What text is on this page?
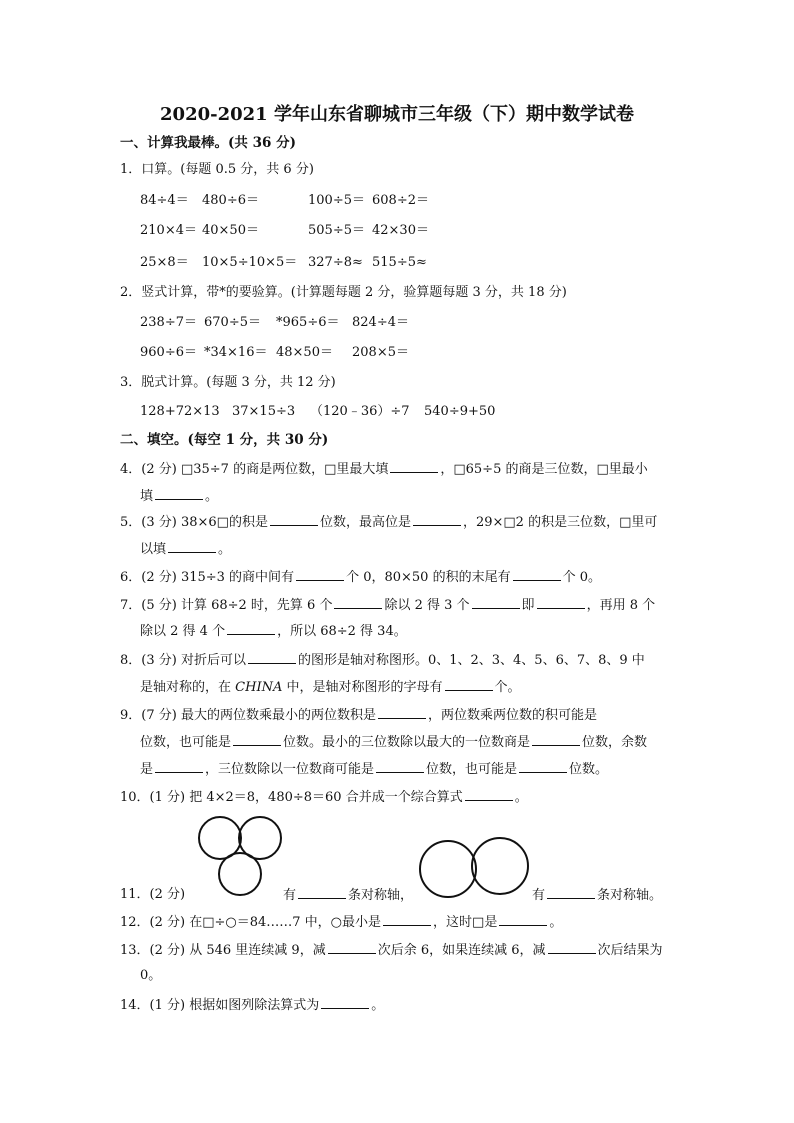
2020-2021 学年山东省聊城市三年级（下）期中数学试卷
一、计算我最棒。(共 36 分)
1．口算。(每题 0.5 分，共 6 分)
84÷4＝ 480÷6＝	100÷5＝ 608÷2＝
210×4＝ 40×50＝	505÷5＝ 42×30＝
25×8＝ 10×5÷10×5＝ 327÷8≈ 515÷5≈
2．竖式计算，带*的要验算。(计算题每题 2 分，验算题每题 3 分，共 18 分)
238÷7＝ 670÷5＝ *965÷6＝ 824÷4＝
960÷6＝ *34×16＝ 48×50＝ 208×5＝
3．脱式计算。(每题 3 分，共 12 分)
128+72×13 37×15÷3 （120﹣36）÷7 540÷9+50
二、填空。(每空 1 分，共 30 分)
4．(2 分) □35÷7 的商是两位数，□里最大填	，□65÷5 的商是三位数，□里最小
填	。
5．(3 分) 38×6□的积是	位数，最高位是	，29×□2 的积是三位数，□里可
以填	。
6．(2 分) 315÷3 的商中间有	个 0，80×50 的积的末尾有	个 0。
7．(5 分) 计算 68÷2 时，先算 6 个	除以 2 得 3 个	即	，再用 8 个
除以 2 得 4 个	，所以 68÷2 得 34。
8．(3 分) 对折后可以	的图形是轴对称图形。0、1、2、3、4、5、6、7、8、9 中
是轴对称的，在 CHINA 中，是轴对称图形的字母有	个。
9．(7 分) 最大的两位数乘最小的两位数积是	，两位数乘两位数的积可能是
位数，也可能是	位数。最小的三位数除以最大的一位数商是	位数，余数
是	，三位数除以一位数商可能是	位数，也可能是	位数。
10．(1 分) 把 4×2＝8，480÷8＝60 合并成一个综合算式	。
11．(2 分)	有	条对称轴，	有	条对称轴。
12．(2 分) 在□÷○＝84……7 中，○最小是	，这时□是	。
13．(2 分) 从 546 里连续减 9，减	次后余 6，如果连续减 6，减	次后结果为
0。
14．(1 分) 根据如图列除法算式为	。
